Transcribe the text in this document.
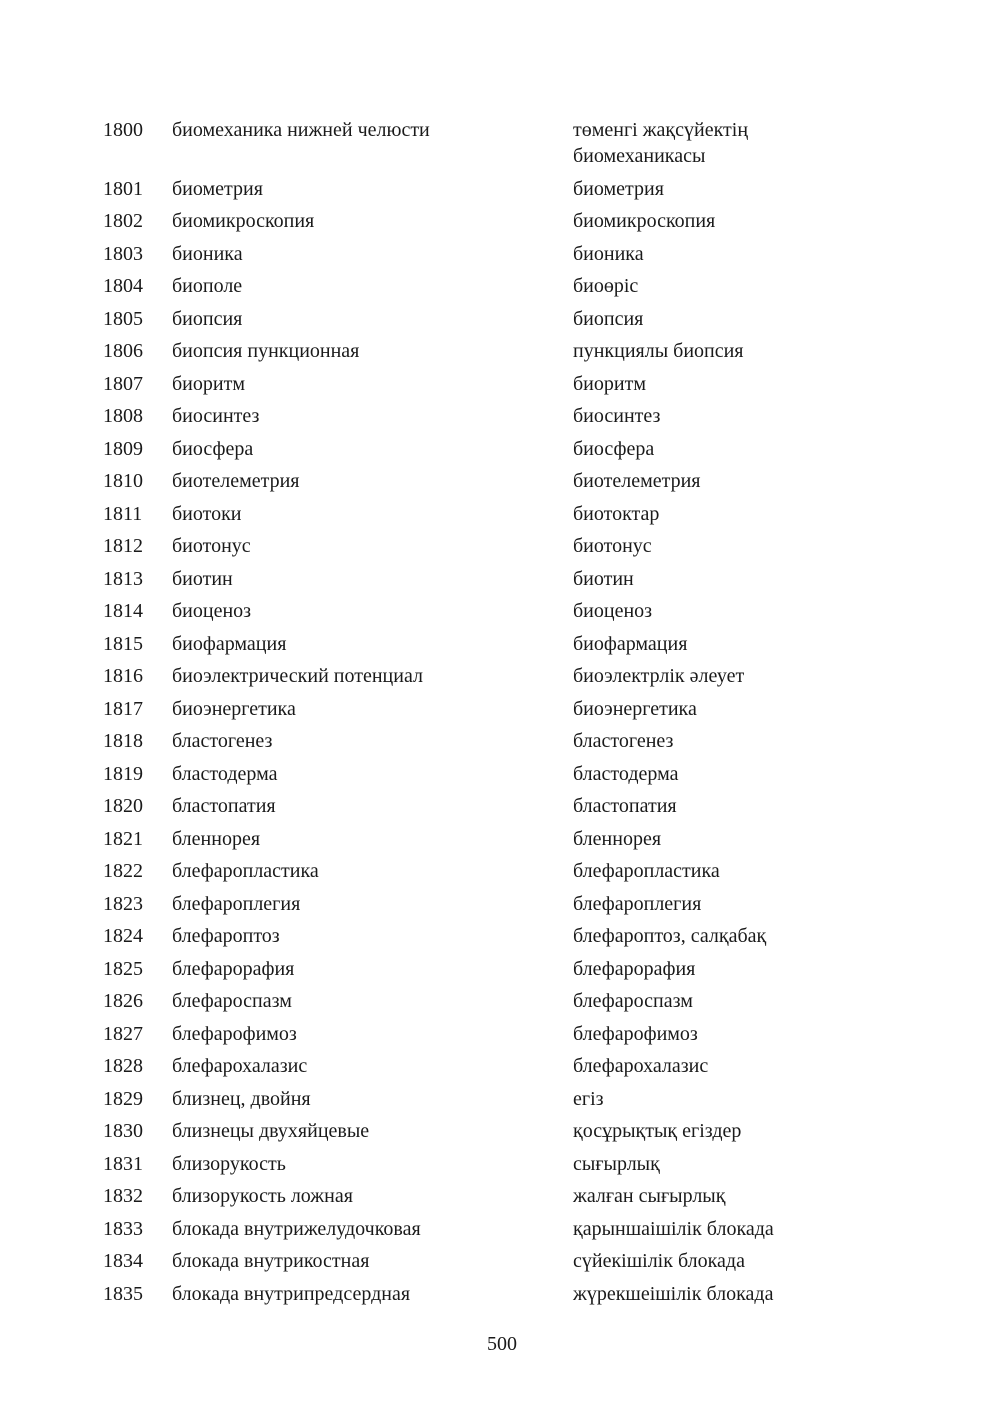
1800	биомеханика нижней челюсти	төменгі жақсүйектің
биомеханикасы
1801	биометрия	биометрия
1802	биомикроскопия	биомикроскопия
1803	бионика	бионика
1804	биополе	биоөріс
1805	биопсия	биопсия
1806	биопсия пункционная	пункциялы биопсия
1807	биоритм	биоритм
1808	биосинтез	биосинтез
1809	биосфера	биосфера
1810	биотелеметрия	биотелеметрия
1811	биотоки	биотоктар
1812	биотонус	биотонус
1813	биотин	биотин
1814	биоценоз	биоценоз
1815	биофармация	биофармация
1816	биоэлектрический потенциал	биоэлектрлік әлеует
1817	биоэнергетика	биоэнергетика
1818	бластогенез	бластогенез
1819	бластодерма	бластодерма
1820	бластопатия	бластопатия
1821	бленнорея	бленнорея
1822	блефаропластика	блефаропластика
1823	блефароплегия	блефароплегия
1824	блефароптоз	блефароптоз, салқабақ
1825	блефарорафия	блефарорафия
1826	блефароспазм	блефароспазм
1827	блефарофимоз	блефарофимоз
1828	блефарохалазис	блефарохалазис
1829	близнец, двойня	егіз
1830	близнецы двухяйцевые	қосұрықтық егіздер
1831	близорукость	сығырлық
1832	близорукость ложная	жалған сығырлық
1833	блокада внутрижелудочковая	қарыншаішілік блокада
1834	блокада внутрикостная	сүйекішілік блокада
1835	блокада внутрипредсердная	жүрекшеішілік блокада
500
